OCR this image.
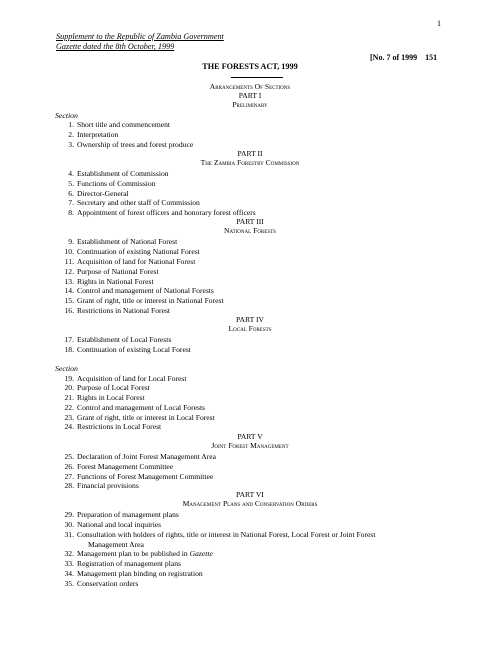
1
Supplement to the Republic of Zambia Government
Gazette dated the 8th October, 1999
[No. 7 of 1999    151
THE FORESTS ACT, 1999
Arrangements Of Sections
PART I
Preliminary
Section
1. Short title and commencement
2. Interpretation
3. Ownership of trees and forest produce
PART II
The Zambia Forestry Commission
4. Establishment of Commission
5. Functions of Commission
6. Director-General
7. Secretary and other staff of Commission
8. Appointment of forest officers and honorary forest officers
PART III
National Forests
9. Establishment of National Forest
10. Continuation of existing National Forest
11. Acquisition of land for National Forest
12. Purpose of National Forest
13. Rights in National Forest
14. Control and management of National Forests
15. Grant of right, title or interest in National Forest
16. Restrictions in National Forest
PART IV
Local Forests
17. Establishment of Local Forests
18. Continuation of existing Local Forest
Section
19. Acquisition of land for Local Forest
20. Purpose of Local Forest
21. Rights in Local Forest
22. Control and management of Local Forests
23. Grant of right, title or interest in Local Forest
24. Restrictions in Local Forest
PART V
Joint Forest Management
25. Declaration of Joint Forest Management Area
26. Forest Management Committee
27. Functions of Forest Management Committee
28. Financial provisions
PART VI
Management Plans and Conservation Orders
29. Preparation of management plans
30. National and local inquiries
31. Consultation with holders of rights, title or interest in National Forest, Local Forest or Joint Forest
Management Area
32. Management plan to be published in Gazette
33. Registration of management plans
34. Management plan binding on registration
35. Conservation orders
